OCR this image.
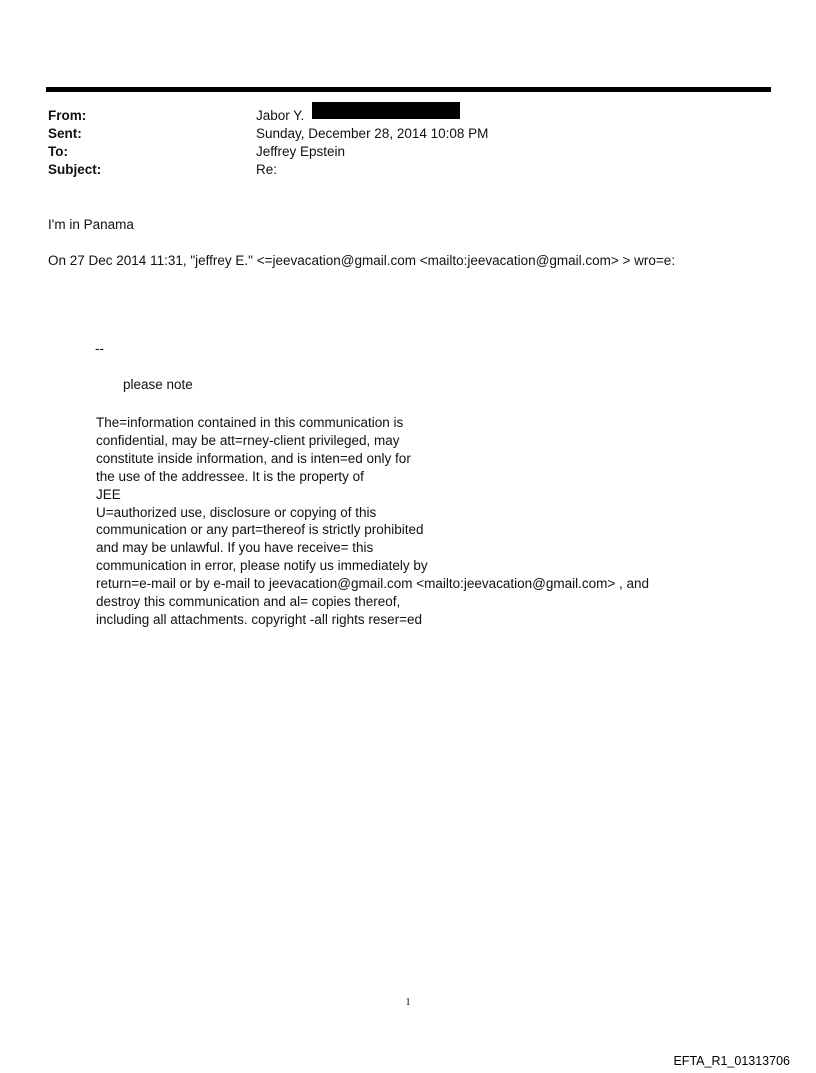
From:	Jabor Y.
Sent:	Sunday, December 28, 2014 10:08 PM
To:	Jeffrey Epstein
Subject:	Re:
I'm in Panama
On 27 Dec 2014 11:31, "jeffrey E." <=jeevacation@gmail.com <mailto:jeevacation@gmail.com> > wro=e:
--
please note
The=information contained in this communication is
confidential, may be att=rney-client privileged, may
constitute inside information, and is inten=ed only for
the use of the addressee. It is the property of
JEE
U=authorized use, disclosure or copying of this
communication or any part=thereof is strictly prohibited
and may be unlawful. If you have receive= this
communication in error, please notify us immediately by
return=e-mail or by e-mail to jeevacation@gmail.com <mailto:jeevacation@gmail.com> , and
destroy this communication and al= copies thereof,
including all attachments. copyright -all rights reser=ed
1
EFTA_R1_01313706
